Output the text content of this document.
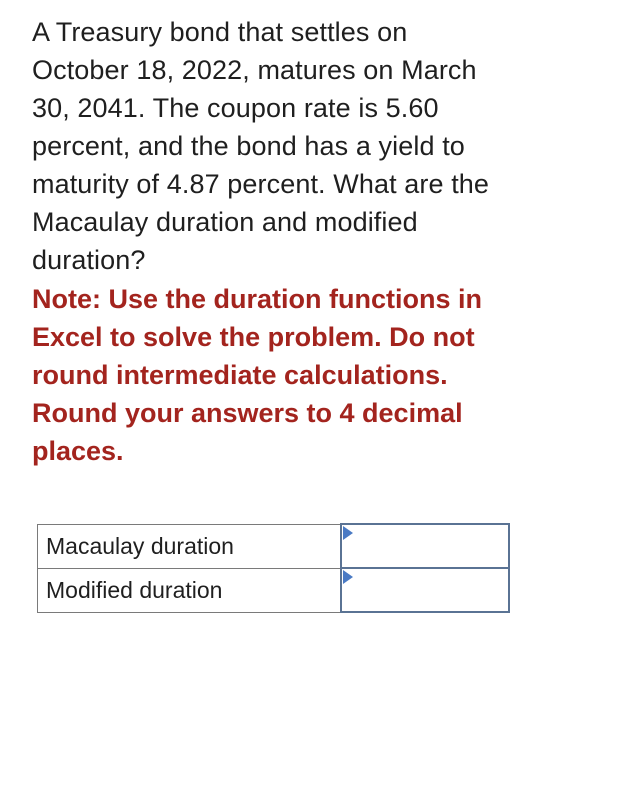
A Treasury bond that settles on
October 18, 2022, matures on March
30, 2041. The coupon rate is 5.60
percent, and the bond has a yield to
maturity of 4.87 percent. What are the
Macaulay duration and modified
duration?
Note: Use the duration functions in
Excel to solve the problem. Do not
round intermediate calculations.
Round your answers to 4 decimal
places.
Macaulay duration	

Modified duration	
